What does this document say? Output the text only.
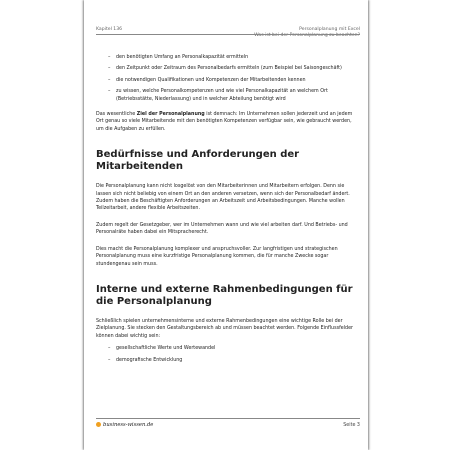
Kapitel 136	Personalplanung mit Excel
Was ist bei der Personalplanung zu beachten?
– den benötigten Umfang an Personalkapazität ermitteln
– den Zeitpunkt oder Zeitraum des Personalbedarfs ermitteln (zum Beispiel bei Saisongeschäft)
– die notwendigen Qualifikationen und Kompetenzen der Mitarbeitenden kennen
– zu wissen, welche Personalkompetenzen und wie viel Personalkapazität an welchem Ort (Betriebsstätte, Niederlassung) und in welcher Abteilung benötigt wird

Das wesentliche Ziel der Personalplanung ist demnach: Im Unternehmen sollen jederzeit und an jedem Ort genau so viele Mitarbeitende mit den benötigten Kompetenzen verfügbar sein, wie gebraucht werden, um die Aufgaben zu erfüllen.

Bedürfnisse und Anforderungen der Mitarbeitenden

Die Personalplanung kann nicht losgelöst von den Mitarbeiterinnen und Mitarbeitern erfolgen. Denn sie lassen sich nicht beliebig von einem Ort an den anderen versetzen, wenn sich der Personalbedarf ändert. Zudem haben die Beschäftigten Anforderungen an Arbeitszeit und Arbeitsbedingungen. Manche wollen Teilzeitarbeit, andere flexible Arbeitszeiten.

Zudem regelt der Gesetzgeber, wer im Unternehmen wann und wie viel arbeiten darf. Und Betriebs- und Personalräte haben dabei ein Mitspracherecht.

Dies macht die Personalplanung komplexer und anspruchsvoller. Zur langfristigen und strategischen Personalplanung muss eine kurzfristige Personalplanung kommen, die für manche Zwecke sogar stundengenau sein muss.

Interne und externe Rahmenbedingungen für die Personalplanung

Schließlich spielen unternehmensinterne und externe Rahmenbedingungen eine wichtige Rolle bei der Zielplanung. Sie stecken den Gestaltungsbereich ab und müssen beachtet werden. Folgende Einflussfelder können dabei wichtig sein:

– gesellschaftliche Werte und Wertewandel
– demografische Entwicklung
business-wissen.de	Seite 3
